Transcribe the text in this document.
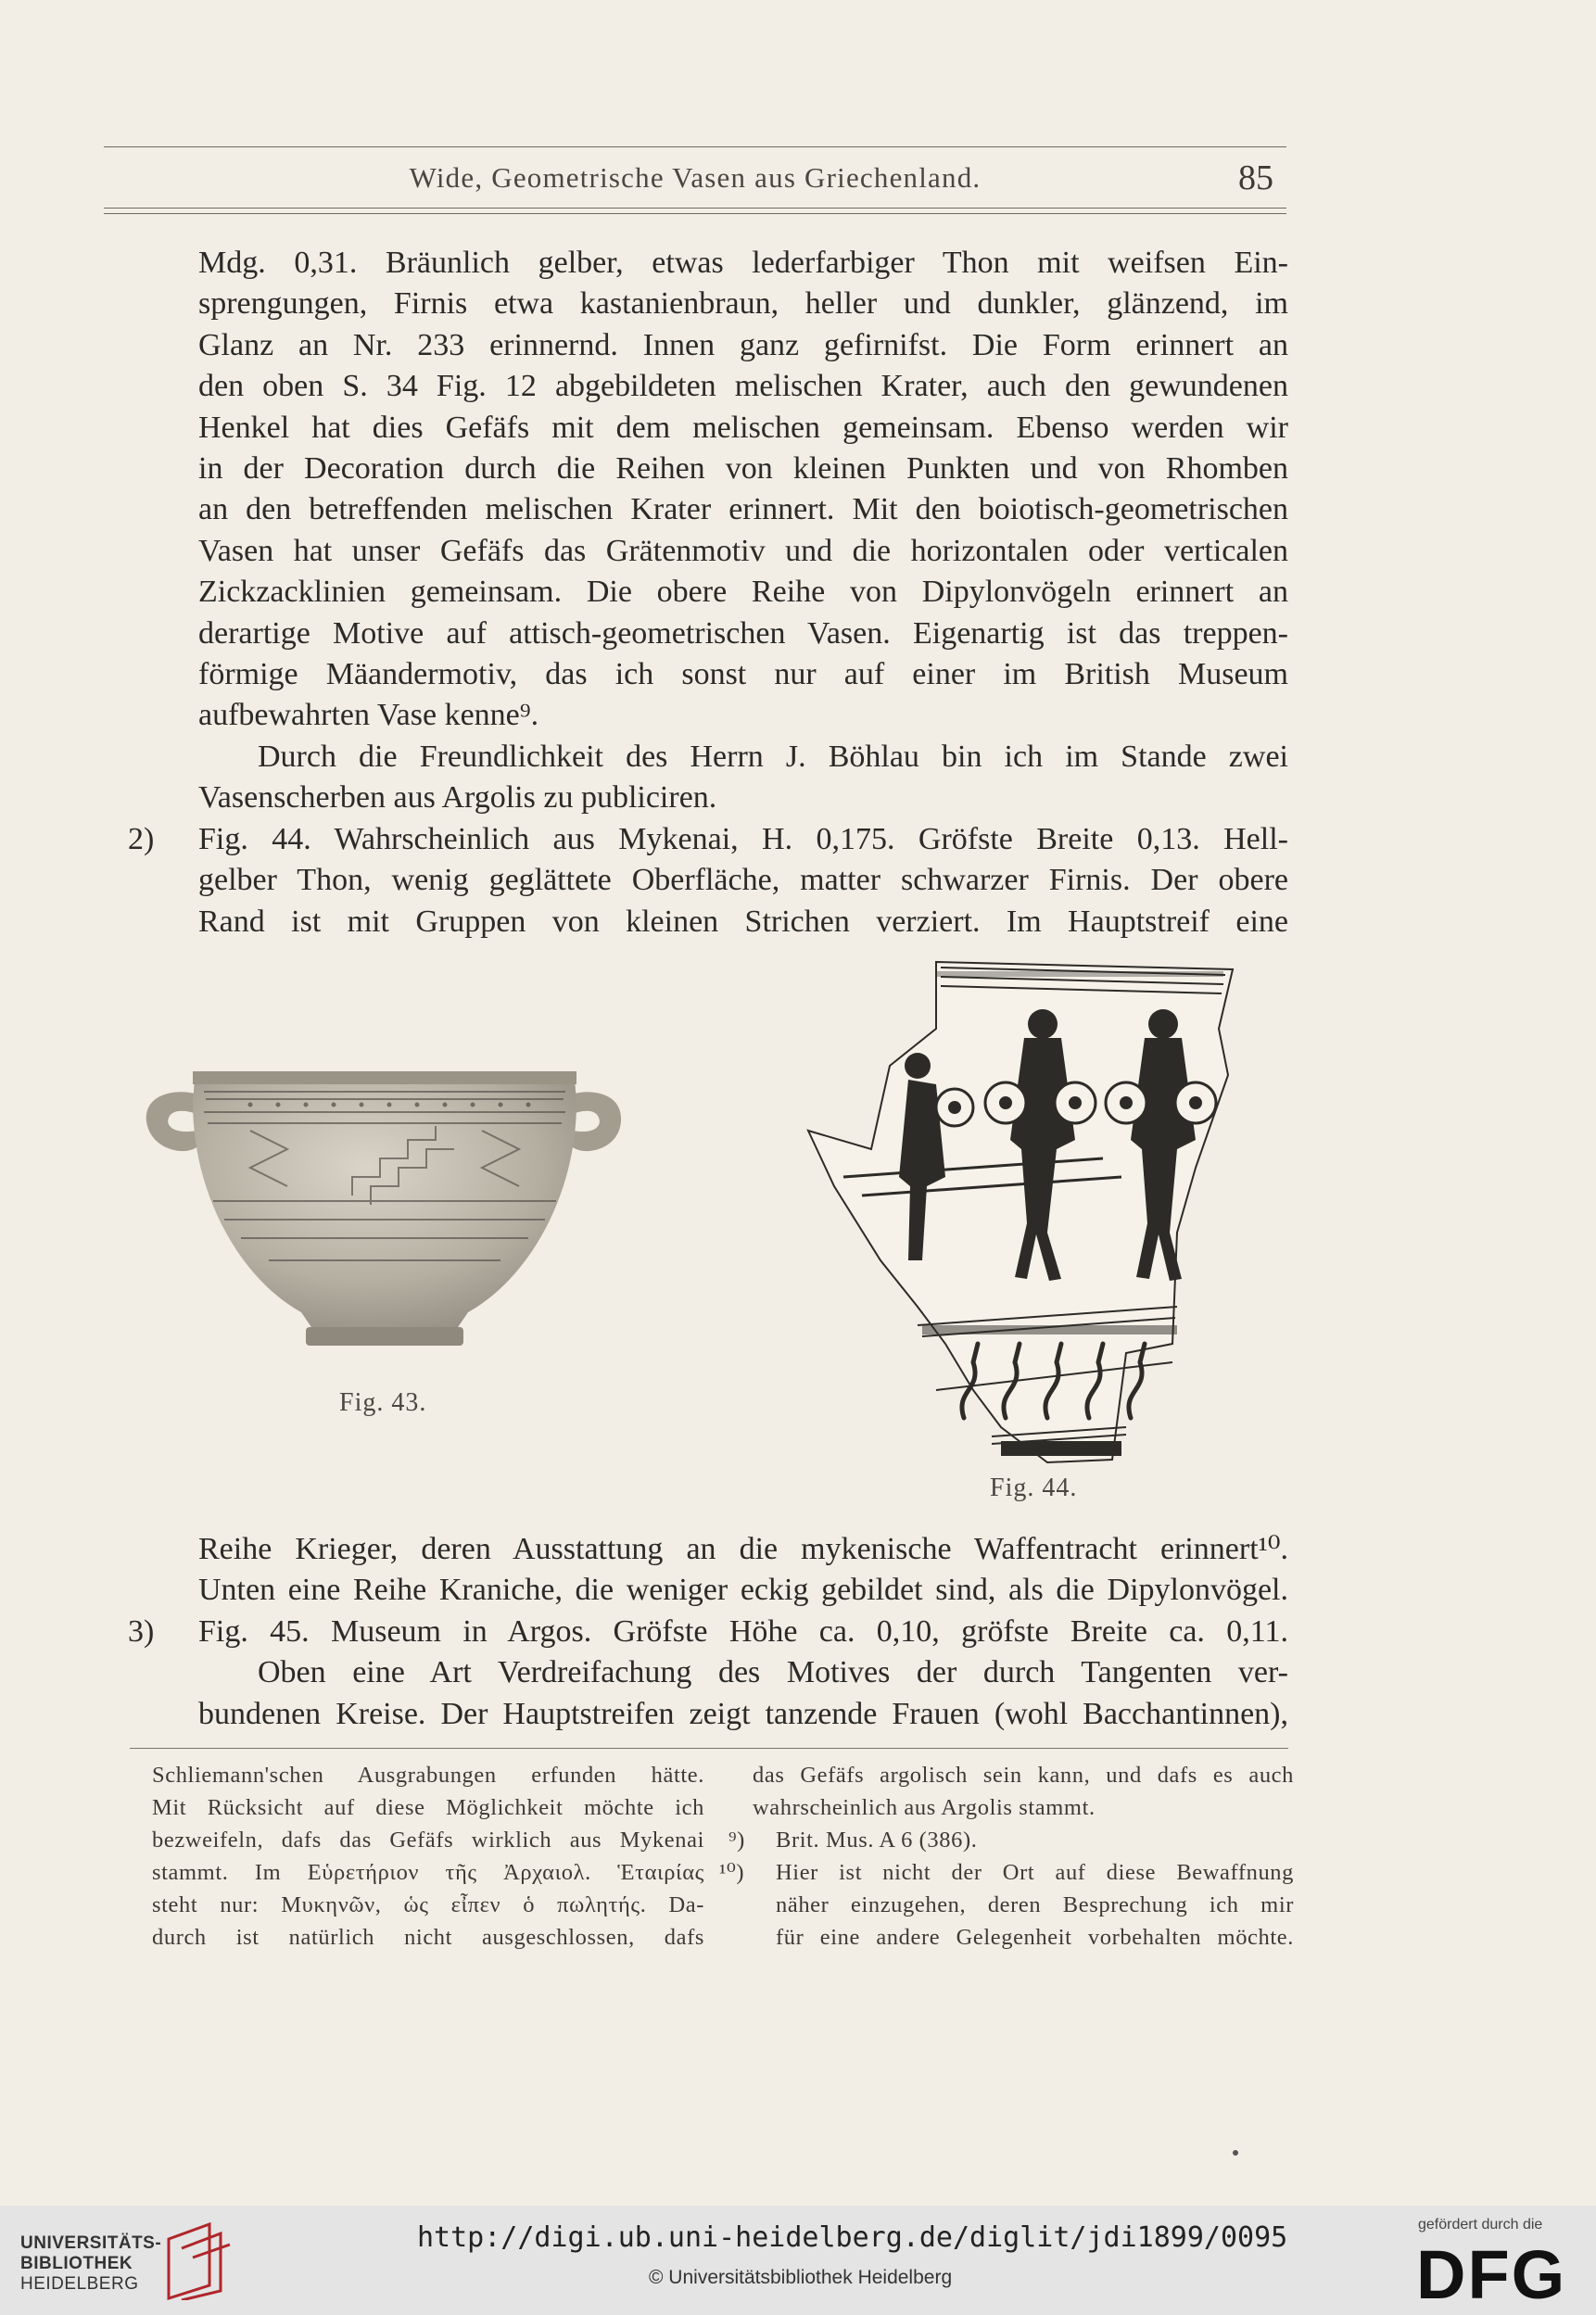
Wide, Geometrische Vasen aus Griechenland.	85

Mdg. 0,31. Bräunlich gelber, etwas lederfarbiger Thon mit weifsen Ein-

sprengungen, Firnis etwa kastanienbraun, heller und dunkler, glänzend, im

Glanz an Nr. 233 erinnernd. Innen ganz gefirnifst. Die Form erinnert an

den oben S. 34 Fig. 12 abgebildeten melischen Krater, auch den gewundenen

Henkel hat dies Gefäfs mit dem melischen gemeinsam. Ebenso werden wir

in der Decoration durch die Reihen von kleinen Punkten und von Rhomben

an den betreffenden melischen Krater erinnert. Mit den boiotisch-geometrischen

Vasen hat unser Gefäfs das Grätenmotiv und die horizontalen oder verticalen

Zickzacklinien gemeinsam. Die obere Reihe von Dipylonvögeln erinnert an

derartige Motive auf attisch-geometrischen Vasen. Eigenartig ist das treppen-

förmige Mäandermotiv, das ich sonst nur auf einer im British Museum

aufbewahrten Vase kenne⁹.

Durch die Freundlichkeit des Herrn J. Böhlau bin ich im Stande zwei

Vasenscherben aus Argolis zu publiciren.

2) Fig. 44. Wahrscheinlich aus Mykenai, H. 0,175. Gröfste Breite 0,13. Hell-

gelber Thon, wenig geglättete Oberfläche, matter schwarzer Firnis. Der obere

Rand ist mit Gruppen von kleinen Strichen verziert. Im Hauptstreif eine

Fig. 43.
Fig. 44.

Reihe Krieger, deren Ausstattung an die mykenische Waffentracht erinnert¹⁰.

Unten eine Reihe Kraniche, die weniger eckig gebildet sind, als die Dipylonvögel.

3) Fig. 45. Museum in Argos. Gröfste Höhe ca. 0,10, gröfste Breite ca. 0,11.

Oben eine Art Verdreifachung des Motives der durch Tangenten ver-

bundenen Kreise. Der Hauptstreifen zeigt tanzende Frauen (wohl Bacchantinnen),

Schliemann'schen Ausgrabungen erfunden hätte.

Mit Rücksicht auf diese Möglichkeit möchte ich

bezweifeln, dafs das Gefäfs wirklich aus Mykenai

stammt. Im Εὑρετήριον τῆς Ἀρχαιολ. Ἑταιρίας

steht nur: Μυκηνῶν, ὡς εἶπεν ὁ πωλητής. Da-

durch ist natürlich nicht ausgeschlossen, dafs

das Gefäfs argolisch sein kann, und dafs es auch

wahrscheinlich aus Argolis stammt.

⁹) Brit. Mus. A 6 (386).

¹⁰) Hier ist nicht der Ort auf diese Bewaffnung

näher einzugehen, deren Besprechung ich mir

für eine andere Gelegenheit vorbehalten möchte.

UNIVERSITÄTS-
BIBLIOTHEK
HEIDELBERG
http://digi.ub.uni-heidelberg.de/diglit/jdi1899/0095
© Universitätsbibliothek Heidelberg
gefördert durch die
DFG
